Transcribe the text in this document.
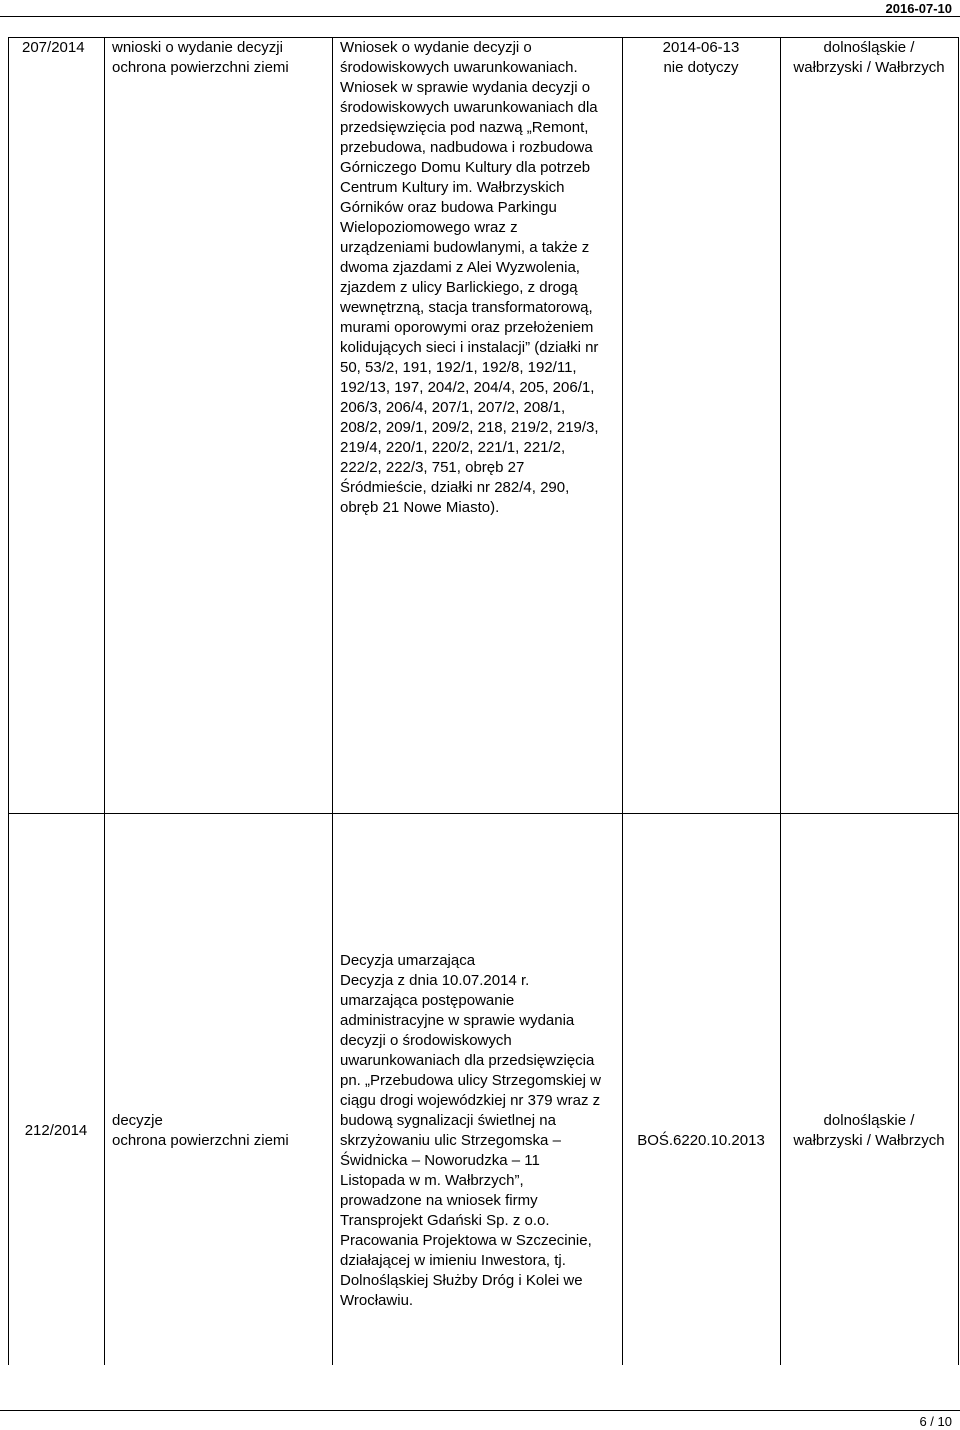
2016-07-10
207/2014 wnioski o wydanie decyzji
ochrona powierzchni ziemi
Wniosek o wydanie decyzji o
środowiskowych uwarunkowaniach.
Wniosek w sprawie wydania decyzji o
środowiskowych uwarunkowaniach dla
przedsięwzięcia pod nazwą „Remont,
przebudowa, nadbudowa i rozbudowa
Górniczego Domu Kultury dla potrzeb
Centrum Kultury im. Wałbrzyskich
Górników oraz budowa Parkingu
Wielopoziomowego wraz z
urządzeniami budowlanymi, a także z
dwoma zjazdami z Alei Wyzwolenia,
zjazdem z ulicy Barlickiego, z drogą
wewnętrzną, stacja transformatorową,
murami oporowymi oraz przełożeniem
kolidujących sieci i instalacji” (działki nr
50, 53/2, 191, 192/1, 192/8, 192/11,
192/13, 197, 204/2, 204/4, 205, 206/1,
206/3, 206/4, 207/1, 207/2, 208/1,
208/2, 209/1, 209/2, 218, 219/2, 219/3,
219/4, 220/1, 220/2, 221/1, 221/2,
222/2, 222/3, 751, obręb 27
Śródmieście, działki nr 282/4, 290,
obręb 21 Nowe Miasto).
2014-06-13
nie dotyczy
dolnośląskie /
wałbrzyski / Wałbrzych
212/2014
decyzje
ochrona powierzchni ziemi
Decyzja umarzająca
Decyzja z dnia 10.07.2014 r.
umarzająca postępowanie
administracyjne w sprawie wydania
decyzji o środowiskowych
uwarunkowaniach dla przedsięwzięcia
pn. „Przebudowa ulicy Strzegomskiej w
ciągu drogi wojewódzkiej nr 379 wraz z
budową sygnalizacji świetlnej na
skrzyżowaniu ulic Strzegomska –
Świdnicka – Noworudzka – 11
Listopada w m. Wałbrzych”,
prowadzone na wniosek firmy
Transprojekt Gdański Sp. z o.o.
Pracowania Projektowa w Szczecinie,
działającej w imieniu Inwestora, tj.
Dolnośląskiej Służby Dróg i Kolei we
Wrocławiu.
BOŚ.6220.10.2013
dolnośląskie /
wałbrzyski / Wałbrzych
6 / 10
